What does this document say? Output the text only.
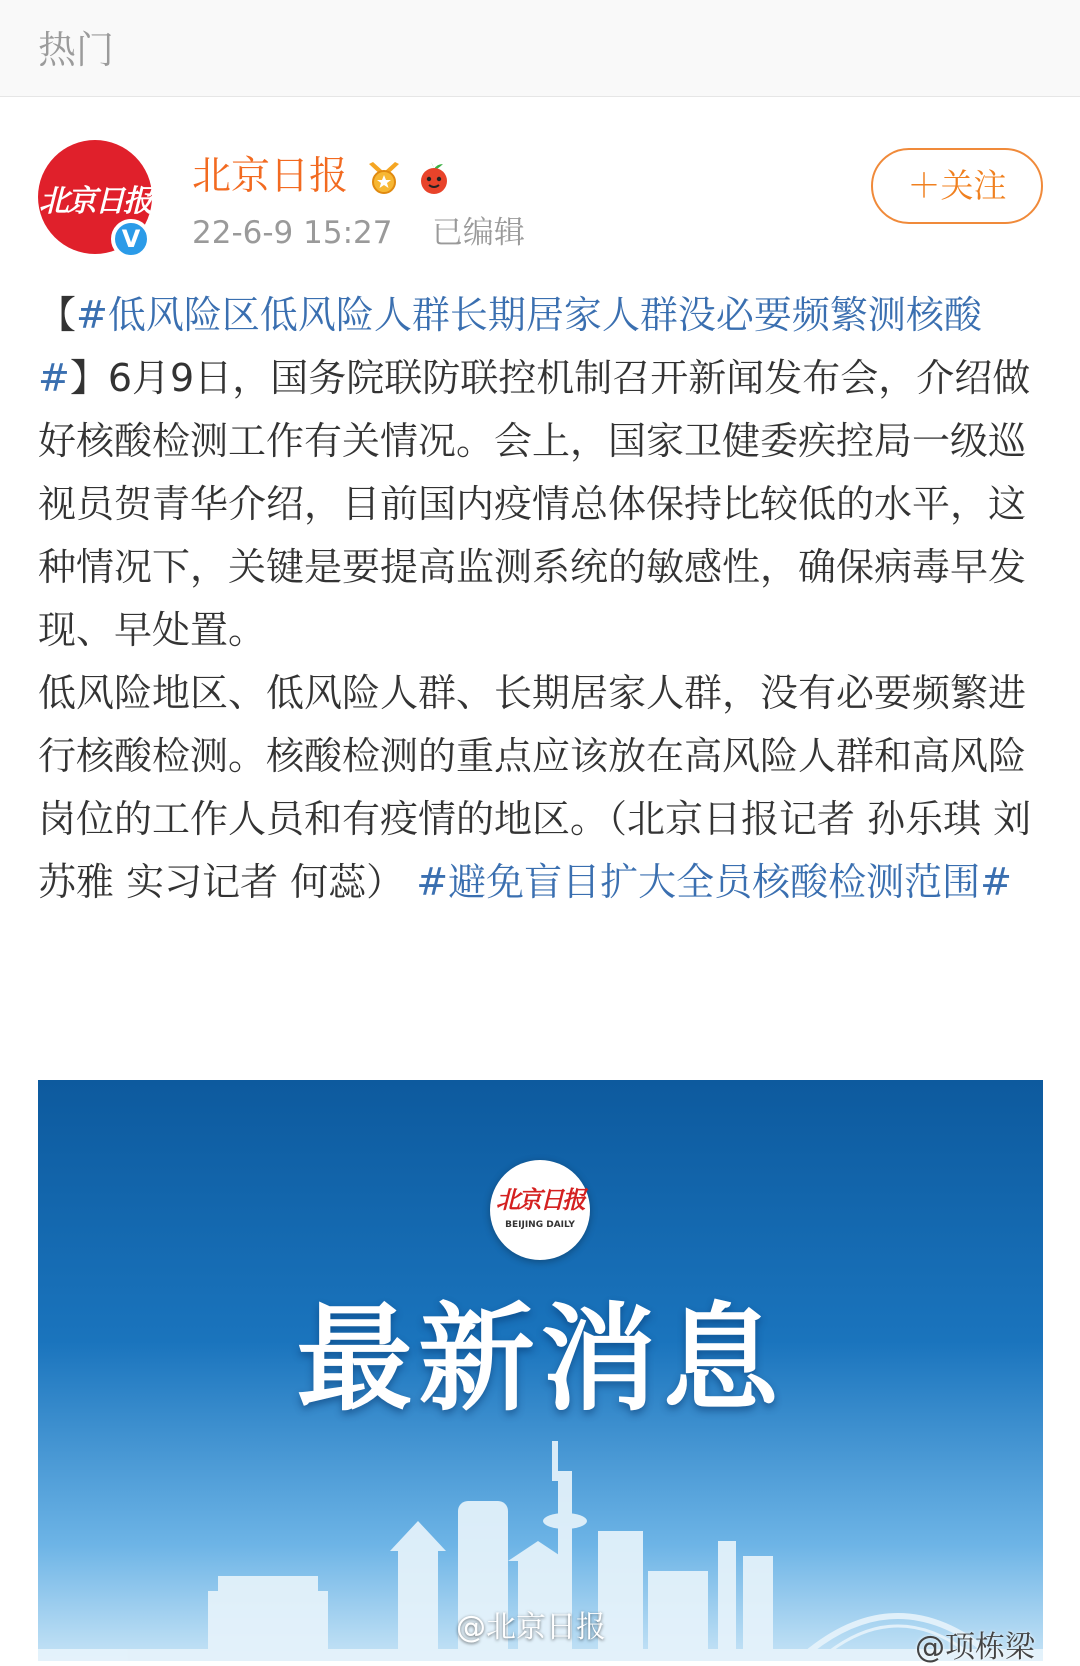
热门
北京日报
V
北京日报
22-6-9 15:27 已编辑
＋关注

【#低风险区低风险人群长期居家人群没必要频繁测核酸#】6月9日，国务院联防联控机制召开新闻发布会，介绍做好核酸检测工作有关情况。会上，国家卫健委疾控局一级巡视员贺青华介绍，目前国内疫情总体保持比较低的水平，这种情况下，关键是要提高监测系统的敏感性，确保病毒早发现、早处置。

低风险地区、低风险人群、长期居家人群，没有必要频繁进行核酸检测。核酸检测的重点应该放在高风险人群和高风险岗位的工作人员和有疫情的地区。（北京日报记者 孙乐琪 刘苏雅 实习记者 何蕊） #避免盲目扩大全员核酸检测范围#

北京日报
BEIJING DAILY
最新消息
@北京日报
@项栋梁
